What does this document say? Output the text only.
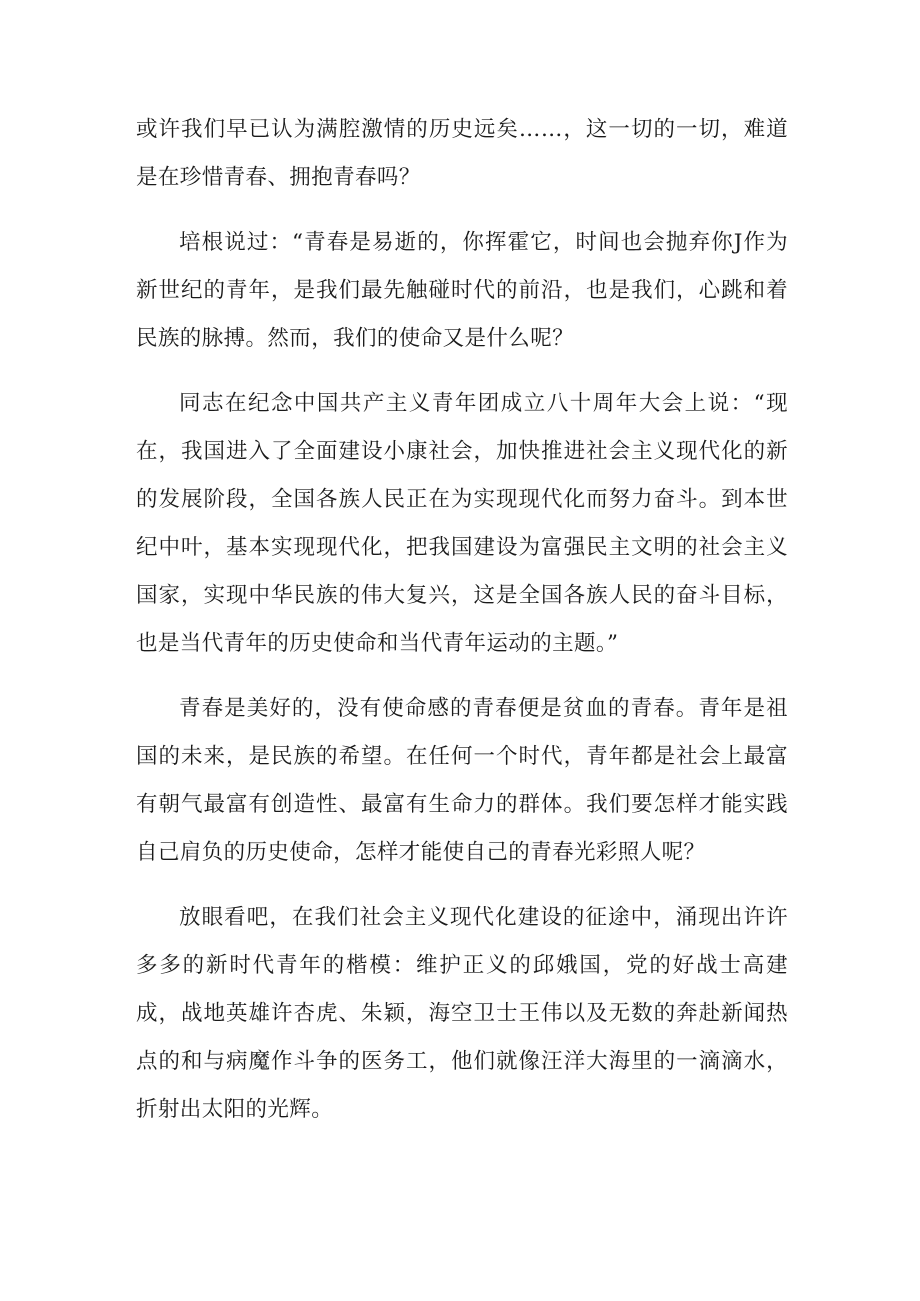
或许我们早已认为满腔激情的历史远矣……，这一切的一切，难道是在珍惜青春、拥抱青春吗？

培根说过：“青春是易逝的，你挥霍它，时间也会抛弃你J作为新世纪的青年，是我们最先触碰时代的前沿，也是我们，心跳和着民族的脉搏。然而，我们的使命又是什么呢？

同志在纪念中国共产主义青年团成立八十周年大会上说：“现在，我国进入了全面建设小康社会，加快推进社会主义现代化的新的发展阶段，全国各族人民正在为实现现代化而努力奋斗。到本世纪中叶，基本实现现代化，把我国建设为富强民主文明的社会主义国家，实现中华民族的伟大复兴，这是全国各族人民的奋斗目标，也是当代青年的历史使命和当代青年运动的主题。”

青春是美好的，没有使命感的青春便是贫血的青春。青年是祖国的未来，是民族的希望。在任何一个时代，青年都是社会上最富有朝气最富有创造性、最富有生命力的群体。我们要怎样才能实践自己肩负的历史使命，怎样才能使自己的青春光彩照人呢？

放眼看吧，在我们社会主义现代化建设的征途中，涌现出许许多多的新时代青年的楷模：维护正义的邱娥国，党的好战士高建成，战地英雄许杏虎、朱颖，海空卫士王伟以及无数的奔赴新闻热点的和与病魔作斗争的医务工，他们就像汪洋大海里的一滴滴水，折射出太阳的光辉。
